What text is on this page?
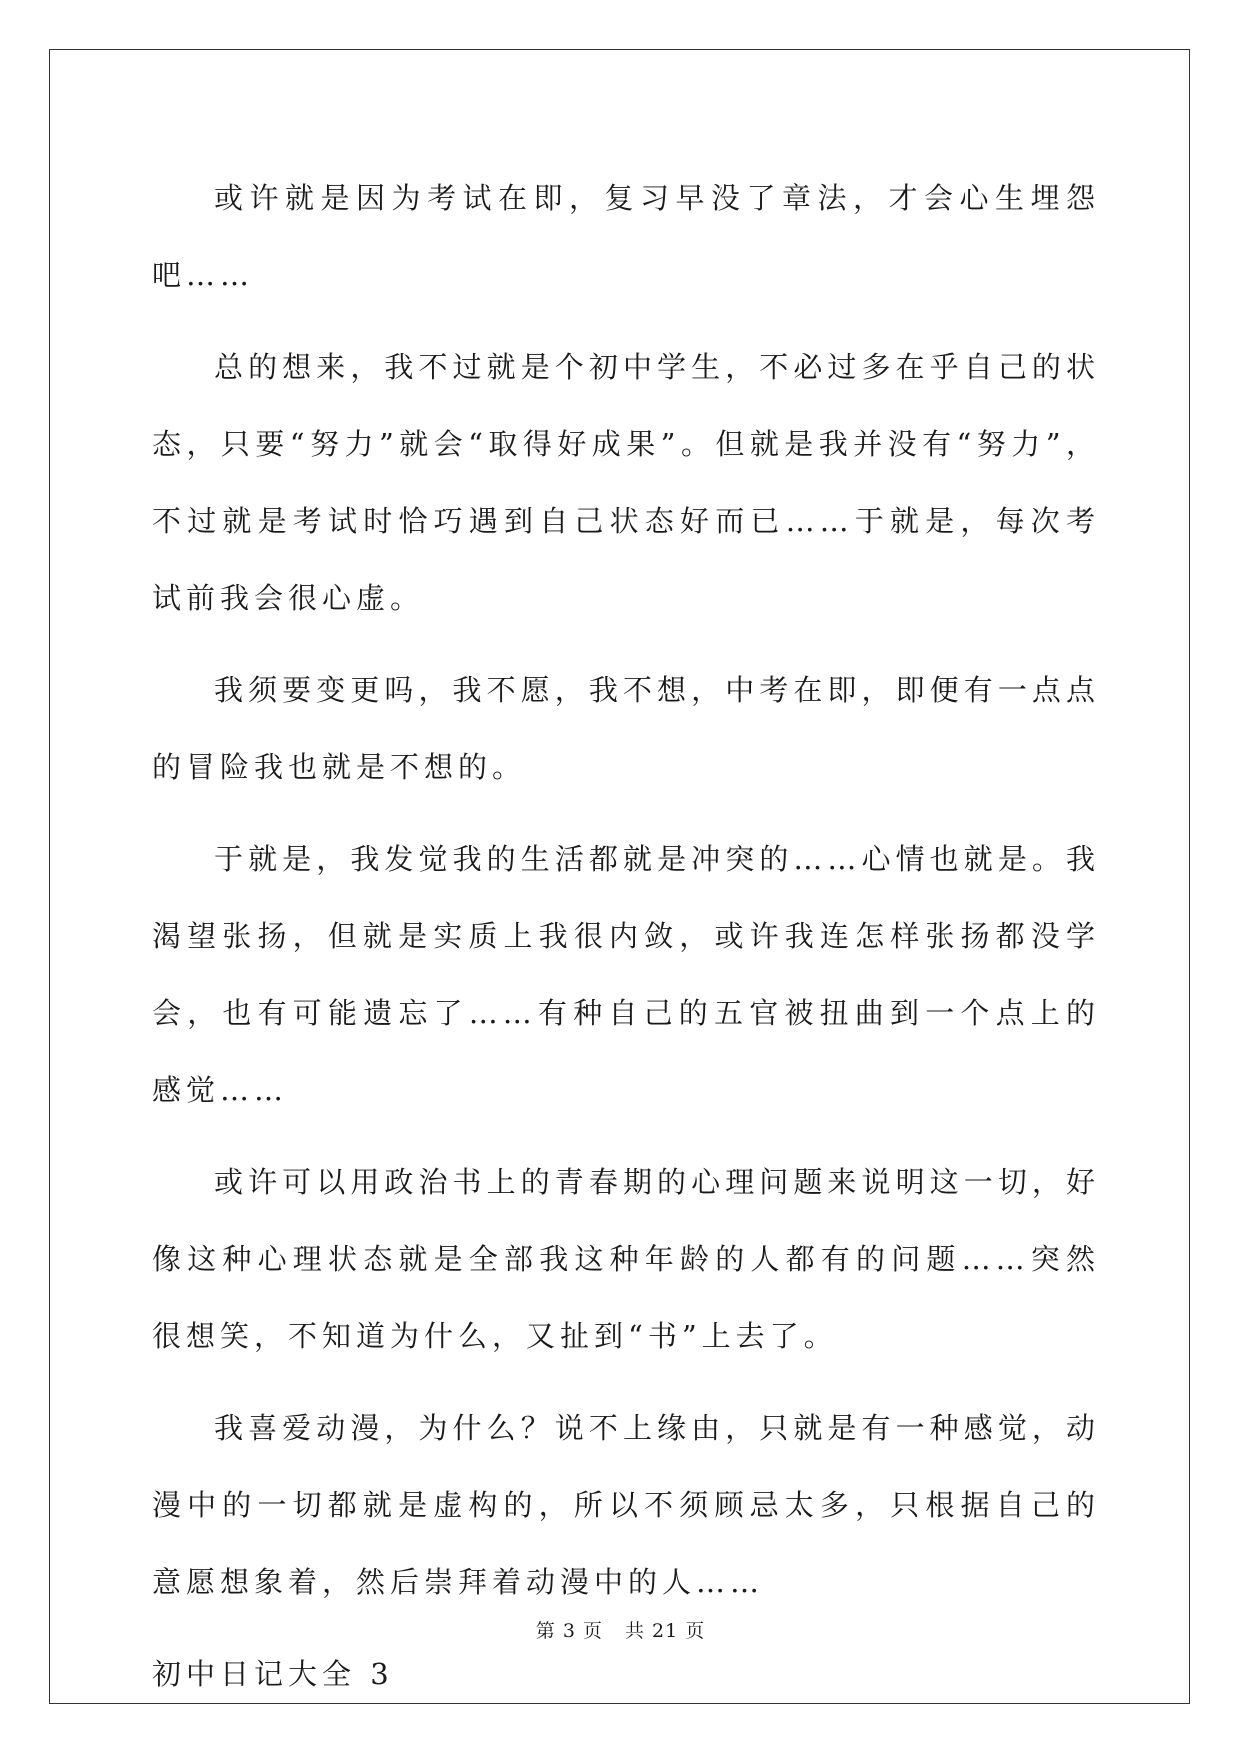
或许就是因为考试在即，复习早没了章法，才会心生埋怨吧……

总的想来，我不过就是个初中学生，不必过多在乎自己的状态，只要“努力”就会“取得好成果”。但就是我并没有“努力”，不过就是考试时恰巧遇到自己状态好而已……于就是，每次考试前我会很心虚。

我须要变更吗，我不愿，我不想，中考在即，即便有一点点的冒险我也就是不想的。

于就是，我发觉我的生活都就是冲突的……心情也就是。我渴望张扬，但就是实质上我很内敛，或许我连怎样张扬都没学会，也有可能遗忘了……有种自己的五官被扭曲到一个点上的感觉……

或许可以用政治书上的青春期的心理问题来说明这一切，好像这种心理状态就是全部我这种年龄的人都有的问题……突然很想笑，不知道为什么，又扯到“书”上去了。

我喜爱动漫，为什么？说不上缘由，只就是有一种感觉，动漫中的一切都就是虚构的，所以不须顾忌太多，只根据自己的意愿想象着，然后崇拜着动漫中的人……

初中日记大全 3

第 3 页 共 21 页
